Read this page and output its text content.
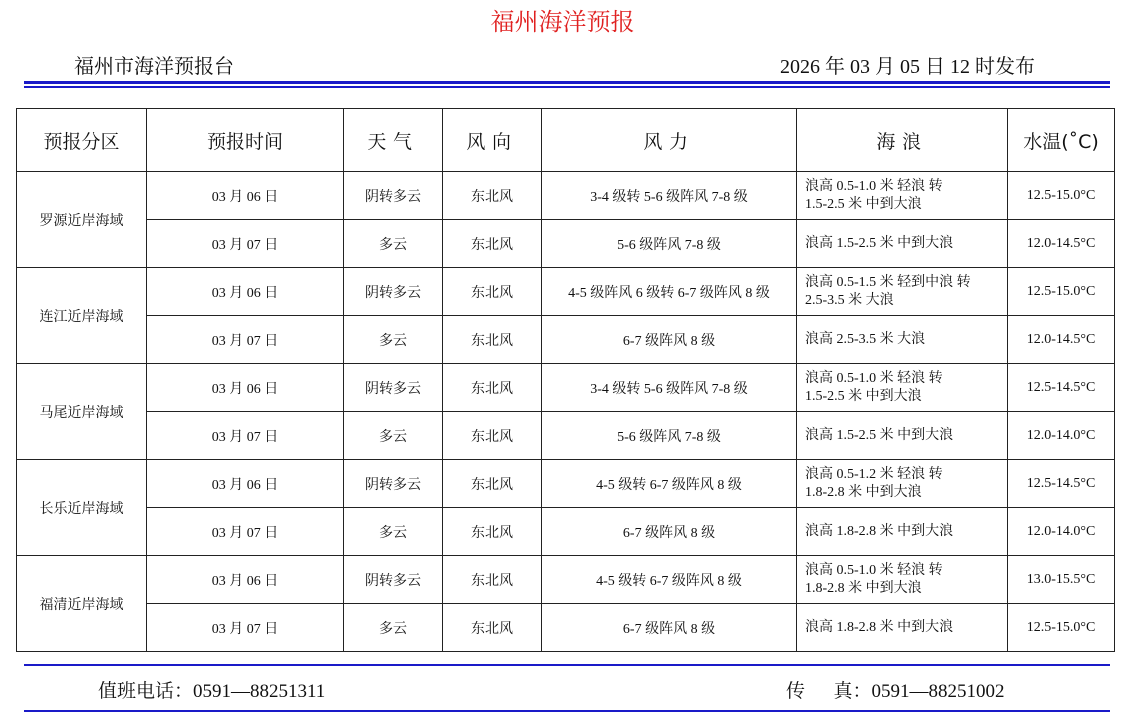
福州海洋预报
福州市海洋预报台	2026 年 03 月 05 日 12 时发布
预报分区	预报时间	天气	风向	风力	海浪	水温(˚C)
罗源近岸海域	03 月 06 日	阴转多云	东北风	3-4 级转 5-6 级阵风 7-8 级	浪高 0.5-1.0 米 轻浪 转
1.5-2.5 米 中到大浪	12.5-15.0°C
	03 月 07 日	多云	东北风	5-6 级阵风 7-8 级	浪高 1.5-2.5 米 中到大浪	12.0-14.5°C
连江近岸海域	03 月 06 日	阴转多云	东北风	4-5 级阵风 6 级转 6-7 级阵风 8 级	浪高 0.5-1.5 米 轻到中浪 转
2.5-3.5 米 大浪	12.5-15.0°C
	03 月 07 日	多云	东北风	6-7 级阵风 8 级	浪高 2.5-3.5 米 大浪	12.0-14.5°C
马尾近岸海域	03 月 06 日	阴转多云	东北风	3-4 级转 5-6 级阵风 7-8 级	浪高 0.5-1.0 米 轻浪 转
1.5-2.5 米 中到大浪	12.5-14.5°C
	03 月 07 日	多云	东北风	5-6 级阵风 7-8 级	浪高 1.5-2.5 米 中到大浪	12.0-14.0°C
长乐近岸海域	03 月 06 日	阴转多云	东北风	4-5 级转 6-7 级阵风 8 级	浪高 0.5-1.2 米 轻浪 转
1.8-2.8 米 中到大浪	12.5-14.5°C
	03 月 07 日	多云	东北风	6-7 级阵风 8 级	浪高 1.8-2.8 米 中到大浪	12.0-14.0°C
福清近岸海域	03 月 06 日	阴转多云	东北风	4-5 级转 6-7 级阵风 8 级	浪高 0.5-1.0 米 轻浪 转
1.8-2.8 米 中到大浪	13.0-15.5°C
	03 月 07 日	多云	东北风	6-7 级阵风 8 级	浪高 1.8-2.8 米 中到大浪	12.5-15.0°C
值班电话：0591—88251311	传      真：0591—88251002
